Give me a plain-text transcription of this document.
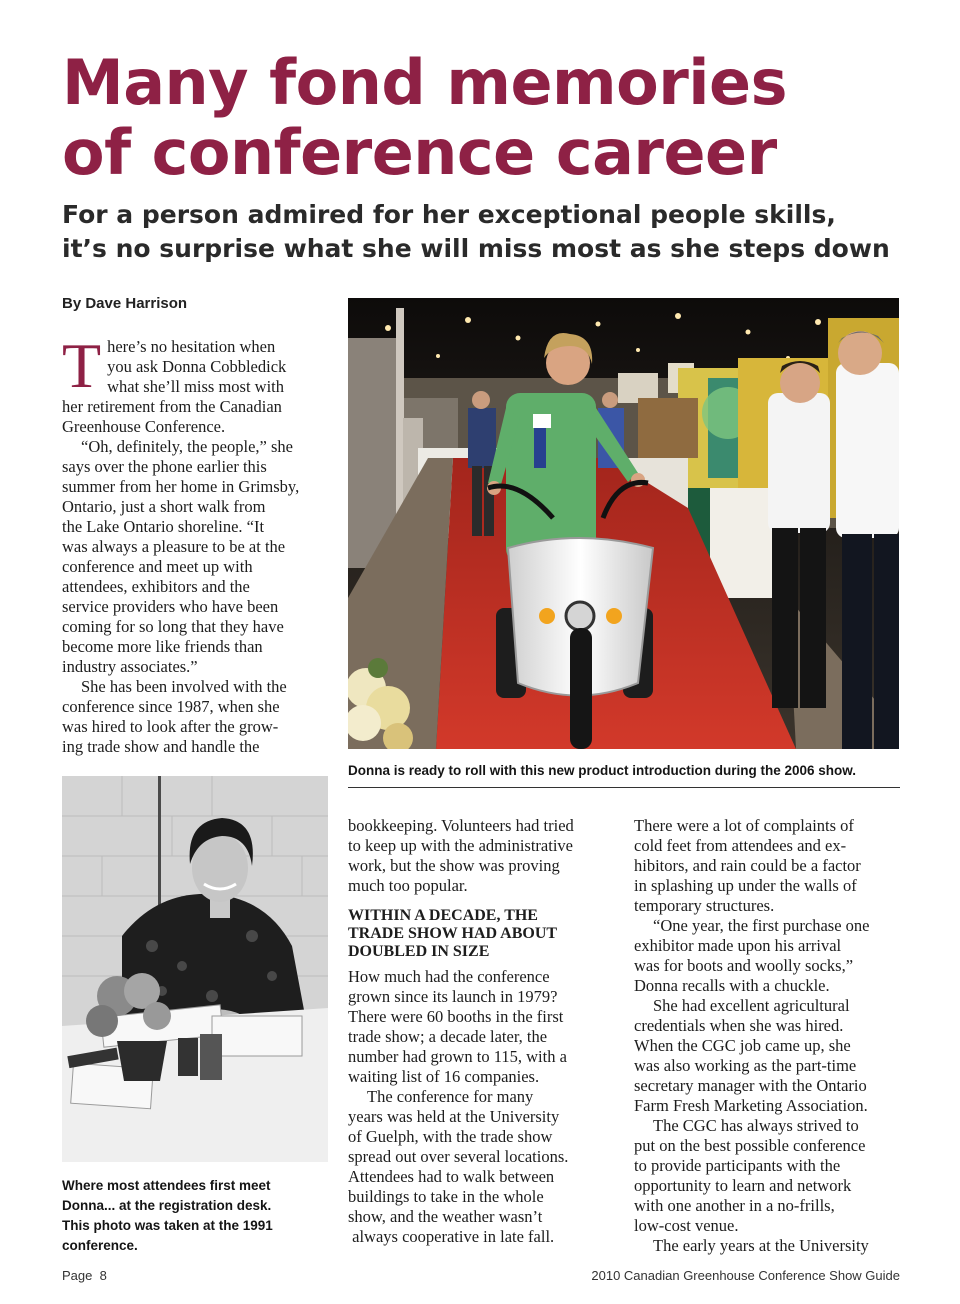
Many fond memories
of conference career
For a person admired for her exceptional people skills,
it’s no surprise what she will miss most as she steps down
By Dave Harrison

T here’s no hesitation when
you ask Donna Cobbledick
what she’ll miss most with
her retirement from the Canadian
Greenhouse Conference.

“Oh, definitely, the people,” she
says over the phone earlier this
summer from her home in Grimsby,
Ontario, just a short walk from
the Lake Ontario shoreline. “It
was always a pleasure to be at the
conference and meet up with
attendees, exhibitors and the
service providers who have been
coming for so long that they have
become more like friends than
industry associates.”

She has been involved with the
conference since 1987, when she
was hired to look after the grow-
ing trade show and handle the

Donna is ready to roll with this new product introduction during the 2006 show.
Where most attendees first meet
Donna... at the registration desk.
This photo was taken at the 1991
conference.

bookkeeping. Volunteers had tried
to keep up with the administrative
work, but the show was proving
much too popular.

WITHIN A DECADE, THE
TRADE SHOW HAD ABOUT
DOUBLED IN SIZE

How much had the conference
grown since its launch in 1979?
There were 60 booths in the first
trade show; a decade later, the
number had grown to 115, with a
waiting list of 16 companies.

The conference for many
years was held at the University
of Guelph, with the trade show
spread out over several locations.
Attendees had to walk between
buildings to take in the whole
show, and the weather wasn’t
always cooperative in late fall.

There were a lot of complaints of
cold feet from attendees and ex-
hibitors, and rain could be a factor
in splashing up under the walls of
temporary structures.

“One year, the first purchase one
exhibitor made upon his arrival
was for boots and woolly socks,”
Donna recalls with a chuckle.

She had excellent agricultural
credentials when she was hired.
When the CGC job came up, she
was also working as the part-time
secretary manager with the Ontario
Farm Fresh Marketing Association.

The CGC has always strived to
put on the best possible conference
to provide participants with the
opportunity to learn and network
with one another in a no-frills,
low-cost venue.

The early years at the University

Page  8	2010 Canadian Greenhouse Conference Show Guide
